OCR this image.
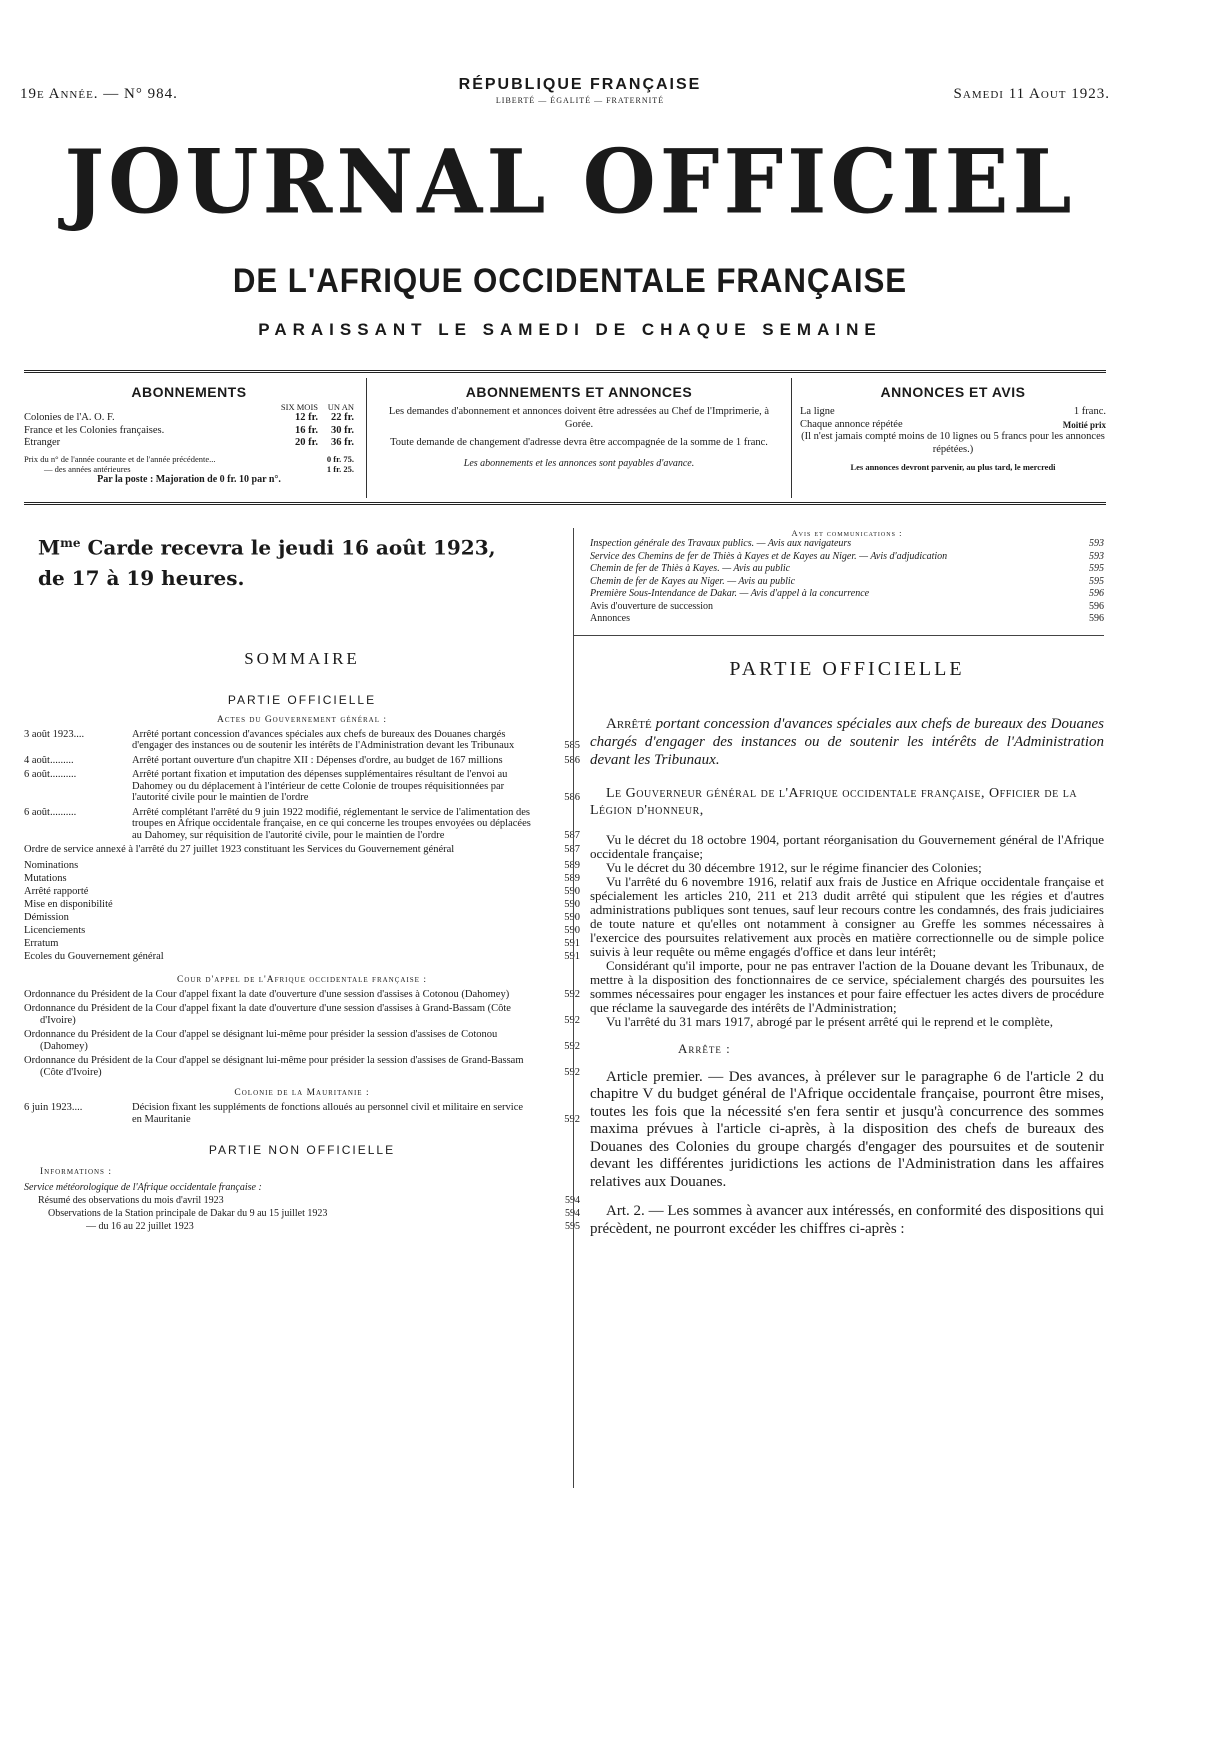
19e Année. — N° 984.
RÉPUBLIQUE FRANÇAISE
LIBERTÉ — ÉGALITÉ — FRATERNITÉ	Samedi 11 Aout 1923.
JOURNAL OFFICIEL
DE L'AFRIQUE OCCIDENTALE FRANÇAISE
PARAISSANT LE SAMEDI DE CHAQUE SEMAINE
ABONNEMENTS
SIX MOIS	UN AN
Colonies de l'A. O. F.	12 fr.	22 fr.
France et les Colonies françaises.	16 fr.	30 fr.
Étranger	20 fr.	36 fr.
Prix du n° de l'année courante et de l'année précédente...	0 fr. 75.
— des années antérieures	1 fr. 25.
Par la poste : Majoration de 0 fr. 10 par n°.
ABONNEMENTS ET ANNONCES
Les demandes d'abonnement et annonces doivent être adressées au Chef de l'Imprimerie, à Gorée.
Toute demande de changement d'adresse devra être accompagnée de la somme de 1 franc.
Les abonnements et les annonces sont payables d'avance.
ANNONCES ET AVIS
La ligne	1 franc.
Chaque annonce répétée	Moitié prix
(Il n'est jamais compté moins de 10 lignes ou 5 francs pour les annonces répétées.)
Les annonces devront parvenir, au plus tard, le mercredi
$M^{me}$ Carde recevra le jeudi 16 août 1923,
de 17 à 19 heures.
SOMMAIRE
PARTIE OFFICIELLE
Actes du Gouvernement général :
3 août 1923....	Arrêté portant concession d'avances spéciales aux chefs de bureaux des Douanes chargés d'engager des instances ou de soutenir les intérêts de l'Administration devant les Tribunaux	585
4 août.........	Arrêté portant ouverture d'un chapitre XII : Dépenses d'ordre, au budget de 167 millions	586
6 août..........	Arrêté portant fixation et imputation des dépenses supplémentaires résultant de l'envoi au Dahomey ou du déplacement à l'intérieur de cette Colonie de troupes réquisitionnées par l'autorité civile pour le maintien de l'ordre	586
6 août..........	Arrêté complétant l'arrêté du 9 juin 1922 modifié, réglementant le service de l'alimentation des troupes en Afrique occidentale française, en ce qui concerne les troupes envoyées ou déplacées au Dahomey, sur réquisition de l'autorité civile, pour le maintien de l'ordre	587
Ordre de service annexé à l'arrêté du 27 juillet 1923 constituant les Services du Gouvernement général	587
Nominations	589
Mutations	589
Arrêté rapporté	590
Mise en disponibilité	590
Démission	590
Licenciements	590
Erratum	591
Ecoles du Gouvernement général	591
Cour d'appel de l'Afrique occidentale française :
Ordonnance du Président de la Cour d'appel fixant la date d'ouverture d'une session d'assises à Cotonou (Dahomey)	592
Ordonnance du Président de la Cour d'appel fixant la date d'ouverture d'une session d'assises à Grand-Bassam (Côte d'Ivoire)	592
Ordonnance du Président de la Cour d'appel se désignant lui-même pour présider la session d'assises de Cotonou (Dahomey)	592
Ordonnance du Président de la Cour d'appel se désignant lui-même pour présider la session d'assises de Grand-Bassam (Côte d'Ivoire)	592
Colonie de la Mauritanie :
6 juin 1923....	Décision fixant les suppléments de fonctions alloués au personnel civil et militaire en service en Mauritanie	592
PARTIE NON OFFICIELLE
Informations :
Service météorologique de l'Afrique occidentale française :
Résumé des observations du mois d'avril 1923	594
Observations de la Station principale de Dakar du 9 au 15 juillet 1923	594
— du 16 au 22 juillet 1923	595
Avis et communications :
Inspection générale des Travaux publics. — Avis aux navigateurs	593
Service des Chemins de fer de Thiès à Kayes et de Kayes au Niger. — Avis d'adjudication	593
Chemin de fer de Thiès à Kayes. — Avis au public	595
Chemin de fer de Kayes au Niger. — Avis au public	595
Première Sous-Intendance de Dakar. — Avis d'appel à la concurrence	596
Avis d'ouverture de succession	596
Annonces	596
PARTIE OFFICIELLE
Arrêté portant concession d'avances spéciales aux chefs de bureaux des Douanes chargés d'engager des instances ou de soutenir les intérêts de l'Administration devant les Tribunaux.
Le Gouverneur général de l'Afrique occidentale française, Officier de la Légion d'honneur,

Vu le décret du 18 octobre 1904, portant réorganisation du Gouvernement général de l'Afrique occidentale française;

Vu le décret du 30 décembre 1912, sur le régime financier des Colonies;

Vu l'arrêté du 6 novembre 1916, relatif aux frais de Justice en Afrique occidentale française et spécialement les articles 210, 211 et 213 dudit arrêté qui stipulent que les régies et d'autres administrations publiques sont tenues, sauf leur recours contre les condamnés, des frais judiciaires de toute nature et qu'elles ont notamment à consigner au Greffe les sommes nécessaires à l'exercice des poursuites relativement aux procès en matière correctionnelle ou de simple police suivis à leur requête ou même engagés d'office et dans leur intérêt;

Considérant qu'il importe, pour ne pas entraver l'action de la Douane devant les Tribunaux, de mettre à la disposition des fonctionnaires de ce service, spécialement chargés des poursuites les sommes nécessaires pour engager les instances et pour faire effectuer les actes divers de procédure que réclame la sauvegarde des intérêts de l'Administration;

Vu l'arrêté du 31 mars 1917, abrogé par le présent arrêté qui le reprend et le complète,

Arrête :

Article premier. — Des avances, à prélever sur le paragraphe 6 de l'article 2 du chapitre V du budget général de l'Afrique occidentale française, pourront être mises, toutes les fois que la nécessité s'en fera sentir et jusqu'à concurrence des sommes maxima prévues à l'article ci-après, à la disposition des chefs de bureaux des Douanes des Colonies du groupe chargés d'engager des poursuites et de soutenir devant les différentes juridictions les actions de l'Administration dans les affaires relatives aux Douanes.

Art. 2. — Les sommes à avancer aux intéressés, en conformité des dispositions qui précèdent, ne pourront excéder les chiffres ci-après :
